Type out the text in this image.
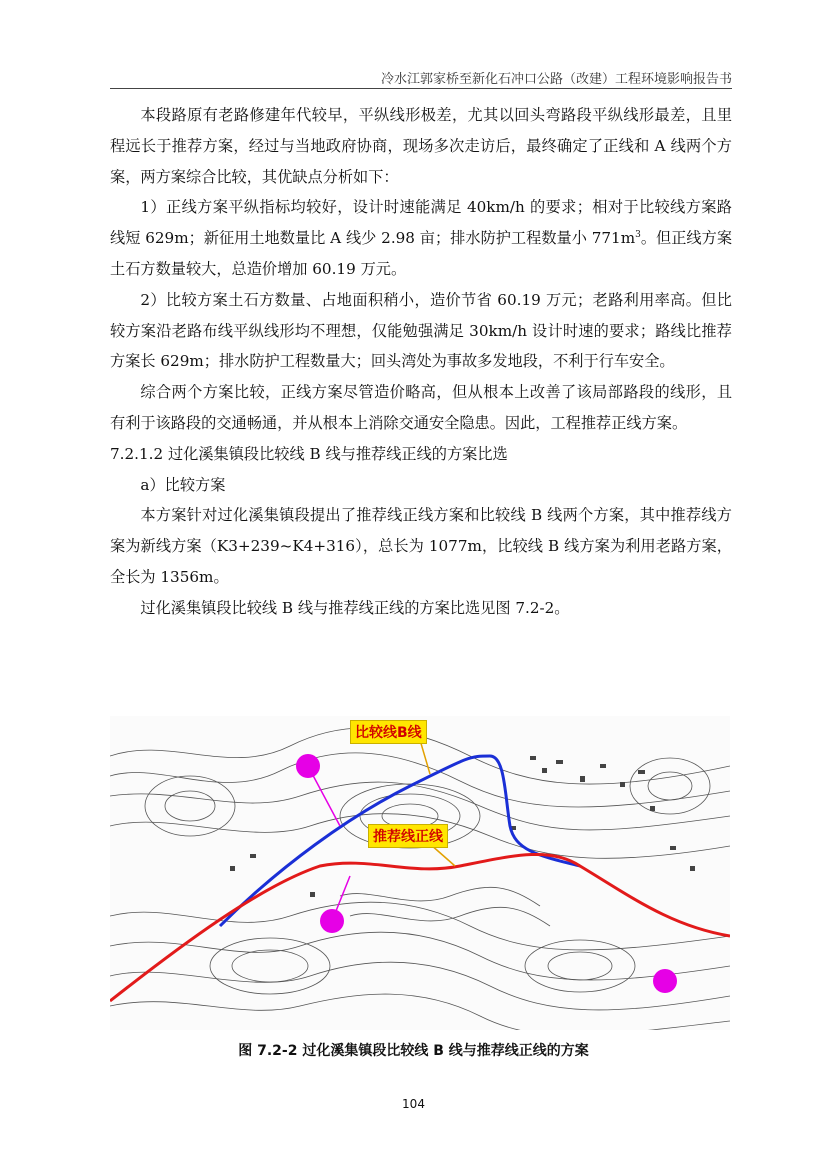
冷水江郭家桥至新化石冲口公路（改建）工程环境影响报告书

本段路原有老路修建年代较早，平纵线形极差，尤其以回头弯路段平纵线形最差，且里程远长于推荐方案，经过与当地政府协商，现场多次走访后，最终确定了正线和 A 线两个方案，两方案综合比较，其优缺点分析如下：

1）正线方案平纵指标均较好，设计时速能满足 40km/h 的要求；相对于比较线方案路线短 629m；新征用土地数量比 A 线少 2.98 亩；排水防护工程数量小 $771m^3$。但正线方案土石方数量较大，总造价增加 60.19 万元。

2）比较方案土石方数量、占地面积稍小，造价节省 60.19 万元；老路利用率高。但比较方案沿老路布线平纵线形均不理想，仅能勉强满足 30km/h 设计时速的要求；路线比推荐方案长 629m；排水防护工程数量大；回头湾处为事故多发地段，不利于行车安全。

综合两个方案比较，正线方案尽管造价略高，但从根本上改善了该局部路段的线形，且有利于该路段的交通畅通，并从根本上消除交通安全隐患。因此，工程推荐正线方案。

7.2.1.2 过化溪集镇段比较线 B 线与推荐线正线的方案比选

a）比较方案

本方案针对过化溪集镇段提出了推荐线正线方案和比较线 B 线两个方案，其中推荐线方案为新线方案（K3+239~K4+316），总长为 1077m，比较线 B 线方案为利用老路方案，全长为 1356m。

过化溪集镇段比较线 B 线与推荐线正线的方案比选见图 7.2-2。

比较线B线
推荐线正线
图 7.2-2 过化溪集镇段比较线 B 线与推荐线正线的方案
104
